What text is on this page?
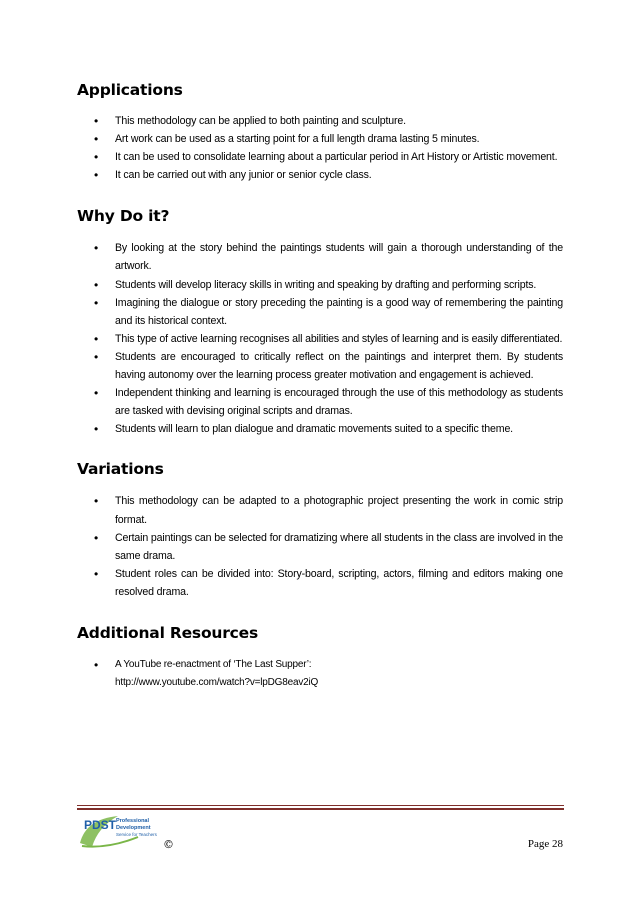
Applications
• This methodology can be applied to both painting and sculpture.
• Art work can be used as a starting point for a full length drama lasting 5 minutes.
• It can be used to consolidate learning about a particular period in Art History or Artistic movement.
• It can be carried out with any junior or senior cycle class.
Why Do it?
• By looking at the story behind the paintings students will gain a thorough understanding of the artwork.
• Students will develop literacy skills in writing and speaking by drafting and performing scripts.
• Imagining the dialogue or story preceding the painting is a good way of remembering the painting and its historical context.
• This type of active learning recognises all abilities and styles of learning and is easily differentiated.
• Students are encouraged to critically reflect on the paintings and interpret them. By students having autonomy over the learning process greater motivation and engagement is achieved.
• Independent thinking and learning is encouraged through the use of this methodology as students are tasked with devising original scripts and dramas.
• Students will learn to plan dialogue and dramatic movements suited to a specific theme.
Variations
• This methodology can be adapted to a photographic project presenting the work in comic strip format.
• Certain paintings can be selected for dramatizing where all students in the class are involved in the same drama.
• Student roles can be divided into: Story-board, scripting, actors, filming and editors making one resolved drama.
Additional Resources
• A YouTube re-enactment of ‘The Last Supper’:
http://www.youtube.com/watch?v=lpDG8eav2iQ
PDST Professional
Development
Service for Teachers
©	Page 28
